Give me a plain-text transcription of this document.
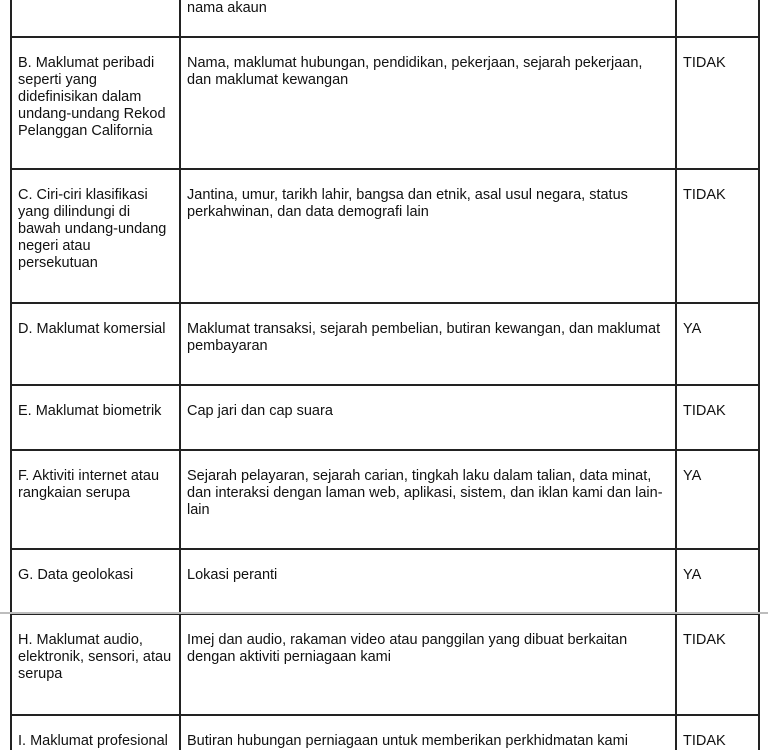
	nama akaun	
B. Maklumat peribadi seperti yang didefinisikan dalam undang-undang Rekod Pelanggan California	Nama, maklumat hubungan, pendidikan, pekerjaan, sejarah pekerjaan, dan maklumat kewangan	TIDAK
C. Ciri-ciri klasifikasi yang dilindungi di bawah undang-undang negeri atau persekutuan	Jantina, umur, tarikh lahir, bangsa dan etnik, asal usul negara, status perkahwinan, dan data demografi lain	TIDAK
D. Maklumat komersial	Maklumat transaksi, sejarah pembelian, butiran kewangan, dan maklumat pembayaran	YA
E. Maklumat biometrik	Cap jari dan cap suara	TIDAK
F. Aktiviti internet atau rangkaian serupa	Sejarah pelayaran, sejarah carian, tingkah laku dalam talian, data minat, dan interaksi dengan laman web, aplikasi, sistem, dan iklan kami dan lain-lain	YA
G. Data geolokasi	Lokasi peranti	YA
H. Maklumat audio, elektronik, sensori, atau serupa	Imej dan audio, rakaman video atau panggilan yang dibuat berkaitan dengan aktiviti perniagaan kami	TIDAK
I. Maklumat profesional	Butiran hubungan perniagaan untuk memberikan perkhidmatan kami	TIDAK
